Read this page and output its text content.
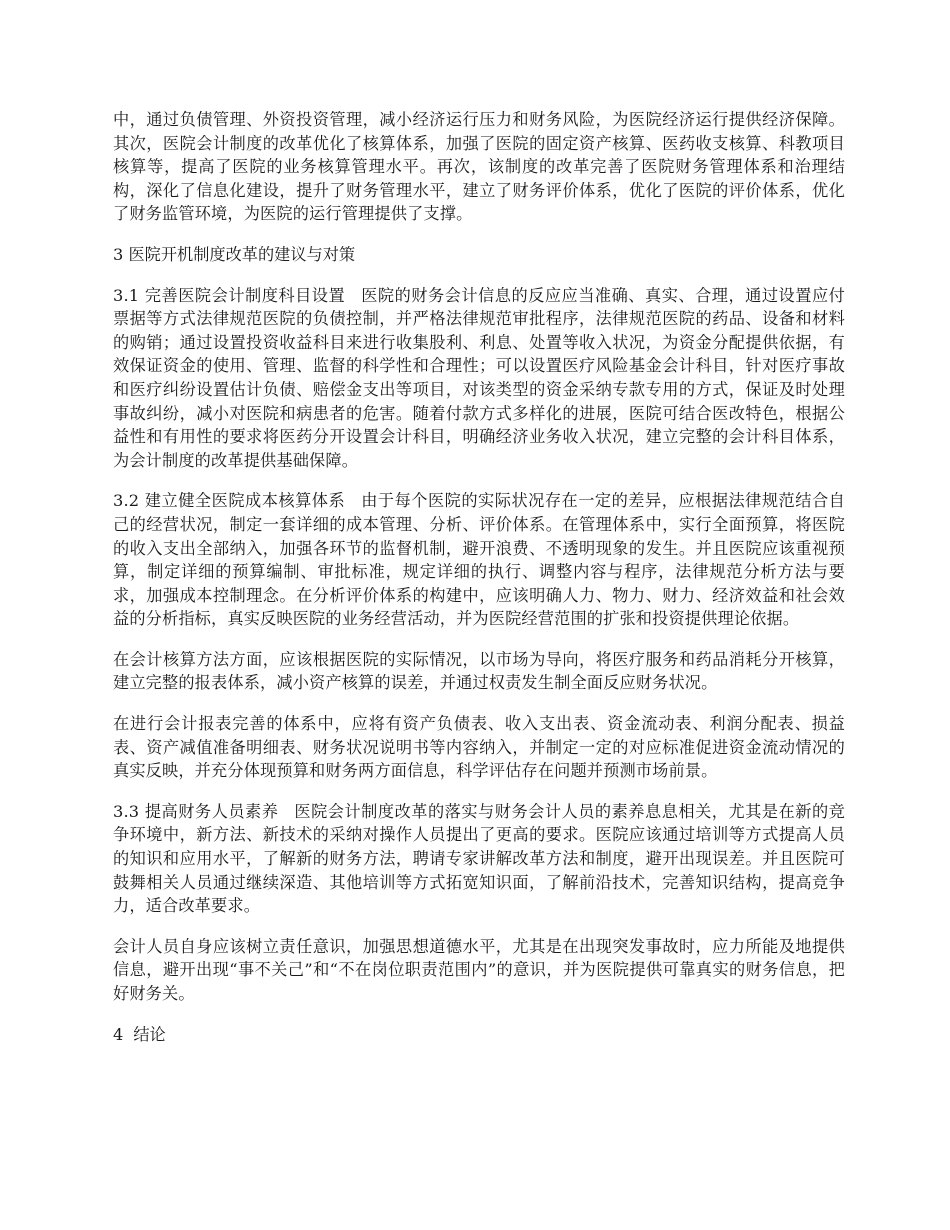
中，通过负债管理、外资投资管理，减小经济运行压力和财务风险，为医院经济运行提供经济保障。其次，医院会计制度的改革优化了核算体系，加强了医院的固定资产核算、医药收支核算、科教项目核算等，提高了医院的业务核算管理水平。再次，该制度的改革完善了医院财务管理体系和治理结构，深化了信息化建设，提升了财务管理水平，建立了财务评价体系，优化了医院的评价体系，优化了财务监管环境，为医院的运行管理提供了支撑。

3 医院开机制度改革的建议与对策

3.1 完善医院会计制度科目设置 医院的财务会计信息的反应应当准确、真实、合理，通过设置应付票据等方式法律规范医院的负债控制，并严格法律规范审批程序，法律规范医院的药品、设备和材料的购销；通过设置投资收益科目来进行收集股利、利息、处置等收入状况，为资金分配提供依据，有效保证资金的使用、管理、监督的科学性和合理性；可以设置医疗风险基金会计科目，针对医疗事故和医疗纠纷设置估计负债、赔偿金支出等项目，对该类型的资金采纳专款专用的方式，保证及时处理事故纠纷，减小对医院和病患者的危害。随着付款方式多样化的进展，医院可结合医改特色，根据公益性和有用性的要求将医药分开设置会计科目，明确经济业务收入状况，建立完整的会计科目体系，为会计制度的改革提供基础保障。

3.2 建立健全医院成本核算体系 由于每个医院的实际状况存在一定的差异，应根据法律规范结合自己的经营状况，制定一套详细的成本管理、分析、评价体系。在管理体系中，实行全面预算，将医院的收入支出全部纳入，加强各环节的监督机制，避开浪费、不透明现象的发生。并且医院应该重视预算，制定详细的预算编制、审批标准，规定详细的执行、调整内容与程序，法律规范分析方法与要求，加强成本控制理念。在分析评价体系的构建中，应该明确人力、物力、财力、经济效益和社会效益的分析指标，真实反映医院的业务经营活动，并为医院经营范围的扩张和投资提供理论依据。

在会计核算方法方面，应该根据医院的实际情况，以市场为导向，将医疗服务和药品消耗分开核算，建立完整的报表体系，减小资产核算的误差，并通过权责发生制全面反应财务状况。

在进行会计报表完善的体系中，应将有资产负债表、收入支出表、资金流动表、利润分配表、损益表、资产减值准备明细表、财务状况说明书等内容纳入，并制定一定的对应标准促进资金流动情况的真实反映，并充分体现预算和财务两方面信息，科学评估存在问题并预测市场前景。

3.3 提高财务人员素养 医院会计制度改革的落实与财务会计人员的素养息息相关，尤其是在新的竞争环境中，新方法、新技术的采纳对操作人员提出了更高的要求。医院应该通过培训等方式提高人员的知识和应用水平，了解新的财务方法，聘请专家讲解改革方法和制度，避开出现误差。并且医院可鼓舞相关人员通过继续深造、其他培训等方式拓宽知识面，了解前沿技术，完善知识结构，提高竞争力，适合改革要求。

会计人员自身应该树立责任意识，加强思想道德水平，尤其是在出现突发事故时，应力所能及地提供信息，避开出现“事不关己”和“不在岗位职责范围内”的意识，并为医院提供可靠真实的财务信息，把好财务关。

4 结论
